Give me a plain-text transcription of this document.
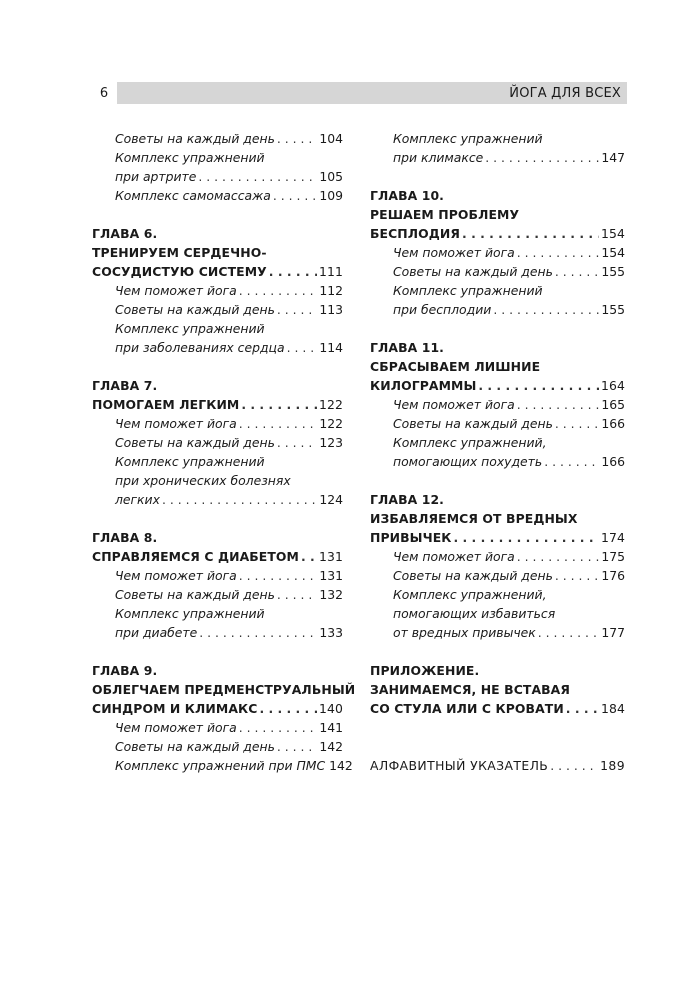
6	ЙОГА ДЛЯ ВСЕХ
Советы на каждый день . . .	104
Комплекс упражнений
при артрите . . .	105
Комплекс самомассажа . . .	109
ГЛАВА 6.
ТРЕНИРУЕМ СЕРДЕЧНО-
СОСУДИСТУЮ СИСТЕМУ . . .	111
Чем поможет йога . . .	112
Советы на каждый день . . .	113
Комплекс упражнений
при заболеваниях сердца . . .	114
ГЛАВА 7.
ПОМОГАЕМ ЛЕГКИМ . . .	122
Чем поможет йога . . .	122
Советы на каждый день . . .	123
Комплекс упражнений
при хронических болезнях
легких . . .	124
ГЛАВА 8.
СПРАВЛЯЕМСЯ С ДИАБЕТОМ . . . 131
Чем поможет йога . . .	131
Советы на каждый день . . .	132
Комплекс упражнений
при диабете . . .	133
ГЛАВА 9.
ОБЛЕГЧАЕМ ПРЕДМЕНСТРУАЛЬНЫЙ
СИНДРОМ И КЛИМАКС . . .	140
Чем поможет йога . . .	141
Советы на каждый день . . .	142
Комплекс упражнений при ПМС 142
Комплекс упражнений
при климаксе . . .	147
ГЛАВА 10.
РЕШАЕМ ПРОБЛЕМУ
БЕСПЛОДИЯ . . .	154
Чем поможет йога . . .	154
Советы на каждый день . . .	155
Комплекс упражнений
при бесплодии . . .	155
ГЛАВА 11.
СБРАСЫВАЕМ ЛИШНИЕ
КИЛОГРАММЫ . . .	164
Чем поможет йога . . .	165
Советы на каждый день . . .	166
Комплекс упражнений,
помогающих похудеть . . .	166
ГЛАВА 12.
ИЗБАВЛЯЕМСЯ ОТ ВРЕДНЫХ
ПРИВЫЧЕК . . .	174
Чем поможет йога . . .	175
Советы на каждый день . . .	176
Комплекс упражнений,
помогающих избавиться
от вредных привычек . . .	177
ПРИЛОЖЕНИЕ.
ЗАНИМАЕМСЯ, НЕ ВСТАВАЯ
СО СТУЛА ИЛИ С КРОВАТИ . . .	184
АЛФАВИТНЫЙ УКАЗАТЕЛЬ . . .	189
